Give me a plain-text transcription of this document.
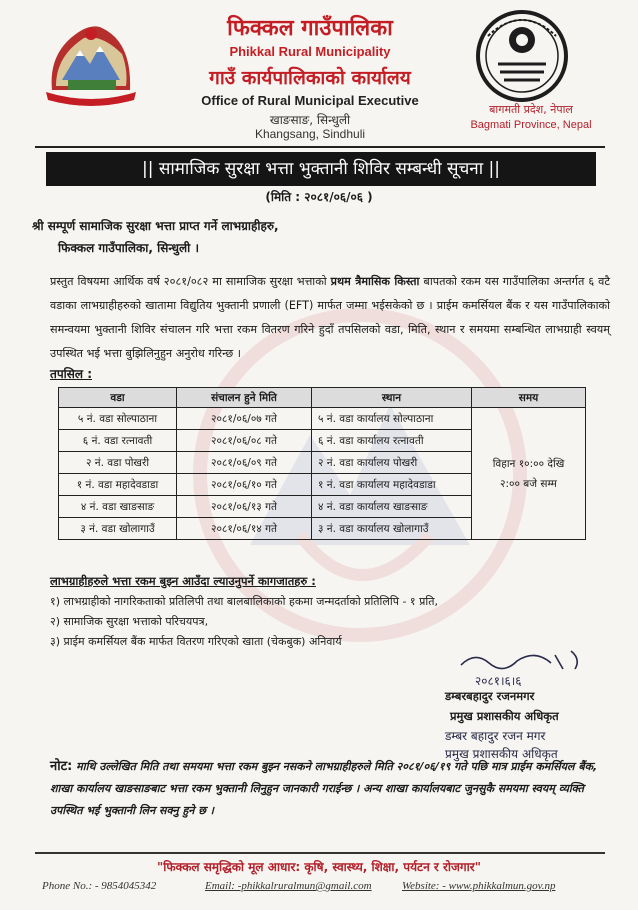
फिक्कल गाउँपालिका
Phikkal Rural Municipality
गाउँ कार्यपालिकाको कार्यालय
Office of Rural Municipal Executive
खाङसाङ, सिन्धुली
Khangsang, Sindhuli
बागमती प्रदेश, नेपाल
Bagmati Province, Nepal
|| सामाजिक सुरक्षा भत्ता भुक्तानी शिविर सम्बन्धी सूचना ||
(मिति : २०८१/०६/०६ )
श्री सम्पूर्ण सामाजिक सुरक्षा भत्ता प्राप्त गर्ने लाभग्राहीहरु,
फिक्कल गाउँपालिका, सिन्धुली ।
प्रस्तुत विषयमा आर्थिक वर्ष २०८१/०८२ मा सामाजिक सुरक्षा भत्ताको प्रथम त्रैमासिक किस्ता बापतको रकम यस गाउँपालिका अन्तर्गत ६ वटै वडाका लाभग्राहीहरुको खातामा विद्युतिय भुक्तानी प्रणाली (EFT) मार्फत जम्मा भईसकेको छ । प्राईम कमर्सियल बैंक र यस गाउँपालिकाको समन्वयमा भुक्तानी शिविर संचालन गरि भत्ता रकम वितरण गरिने हुदाँ तपसिलको वडा, मिति, स्थान र समयमा सम्बन्धित लाभग्राही स्वयम् उपस्थित भई भत्ता बुझिलिनुहुन अनुरोध गरिन्छ ।
तपसिल :
वडा	संचालन हुने मिति	स्थान	समय
५ नं. वडा सोल्पाठाना	२०८१/०६/०७ गते	५ नं. वडा कार्यालय सोल्पाठाना	विहान १०:०० देखि
२:०० बजे सम्म
६ नं. वडा रत्नावती	२०८१/०६/०८ गते	६ नं. वडा कार्यालय रत्नावती	
२ नं. वडा पोखरी	२०८१/०६/०९ गते	२ नं. वडा कार्यालय पोखरी	
१ नं. वडा महादेवडाडा	२०८१/०६/१० गते	१ नं. वडा कार्यालय महादेवडाडा	
४ नं. वडा खाङसाङ	२०८१/०६/१३ गते	४ नं. वडा कार्यालय खाङसाङ	
३ नं. वडा खोलागाउँ	२०८१/०६/१४ गते	३ नं. वडा कार्यालय खोलागाउँ	
लाभग्राहीहरुले भत्ता रकम बुझ्न आउँदा ल्याउनुपर्ने कागजातहरु :
१) लाभग्राहीको नागरिकताको प्रतिलिपी तथा बालबालिकाको हकमा जन्मदर्ताको प्रतिलिपि - १ प्रति,
२) सामाजिक सुरक्षा भत्ताको परिचयपत्र,
३) प्राईम कमर्सियल बैंक मार्फत वितरण गरिएको खाता (चेकबुक) अनिवार्य
२०८१।६।६
डम्बरबहादुर रजनमगर
प्रमुख प्रशासकीय अधिकृत
डम्बर बहादुर रजन मगर
प्रमुख प्रशासकीय अधिकृत
नोट: माथि उल्लेखित मिति तथा समयमा भत्ता रकम बुझ्न नसकने लाभग्राहीहरुले मिति २०८१/०६/१९ गते पछि मात्र प्राईम कमर्सियल बैंक, शाखा कार्यालय खाङसाङबाट भत्ता रकम भुक्तानी लिनुहुन जानकारी गराईन्छ । अन्य शाखा कार्यालयबाट जुनसुकै समयमा स्वयम् व्यक्ति उपस्थित भई भुक्तानी लिन सक्नु हुने छ ।
"फिक्कल समृद्धिको मूल आधार: कृषि, स्वास्थ्य, शिक्षा, पर्यटन र रोजगार"
Phone No.: - 9854045342	Email: -phikkalruralmun@gmail.com	Website: - www.phikkalmun.gov.np
